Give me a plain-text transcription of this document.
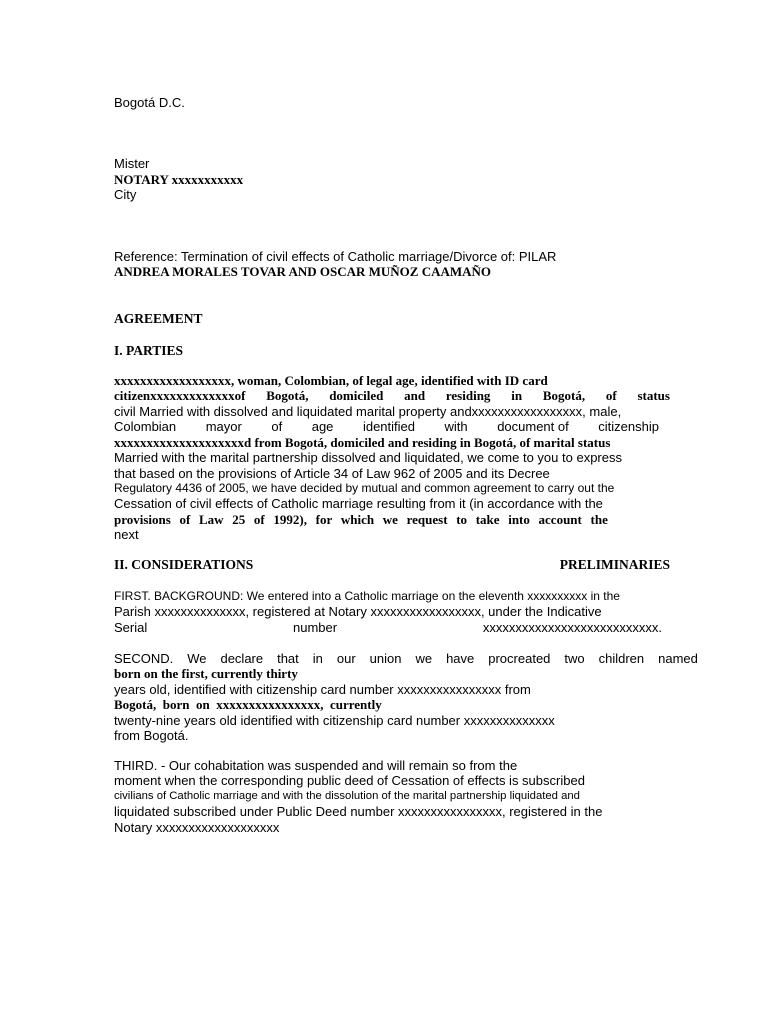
Bogotá D.C.
Mister
NOTARY xxxxxxxxxxx
City
Reference: Termination of civil effects of Catholic marriage/Divorce of: PILAR
ANDREA MORALES TOVAR AND OSCAR MUÑOZ CAAMAÑO
AGREEMENT
I. PARTIES
xxxxxxxxxxxxxxxxxx, woman, Colombian, of legal age, identified with ID card
citizenxxxxxxxxxxxxxof Bogotá, domiciled and residing in Bogotá, of status
civil Married with dissolved and liquidated marital property andxxxxxxxxxxxxxxxxx, male,
Colombian mayor of age identified with document of citizenship
xxxxxxxxxxxxxxxxxxxxd from Bogotá, domiciled and residing in Bogotá, of marital status
Married with the marital partnership dissolved and liquidated, we come to you to express
that based on the provisions of Article 34 of Law 962 of 2005 and its Decree
Regulatory 4436 of 2005, we have decided by mutual and common agreement to carry out the
Cessation of civil effects of Catholic marriage resulting from it (in accordance with the
provisions of Law 25 of 1992), for which we request to take into account the
next
II. CONSIDERATIONS	PRELIMINARIES
FIRST. BACKGROUND: We entered into a Catholic marriage on the eleventh xxxxxxxxxx in the
Parish xxxxxxxxxxxxxx, registered at Notary xxxxxxxxxxxxxxxxx, under the Indicative
Serial	number	xxxxxxxxxxxxxxxxxxxxxxxxxxx.
SECOND. We declare that in our union we have procreated two children named
born on the first, currently thirty
years old, identified with citizenship card number xxxxxxxxxxxxxxxx from
Bogotá,  born  on  xxxxxxxxxxxxxxxx,  currently
twenty-nine years old identified with citizenship card number xxxxxxxxxxxxxx
from Bogotá.
THIRD. - Our cohabitation was suspended and will remain so from the
moment when the corresponding public deed of Cessation of effects is subscribed
civilians of Catholic marriage and with the dissolution of the marital partnership liquidated and
liquidated subscribed under Public Deed number xxxxxxxxxxxxxxxx, registered in the
Notary xxxxxxxxxxxxxxxxxxx
